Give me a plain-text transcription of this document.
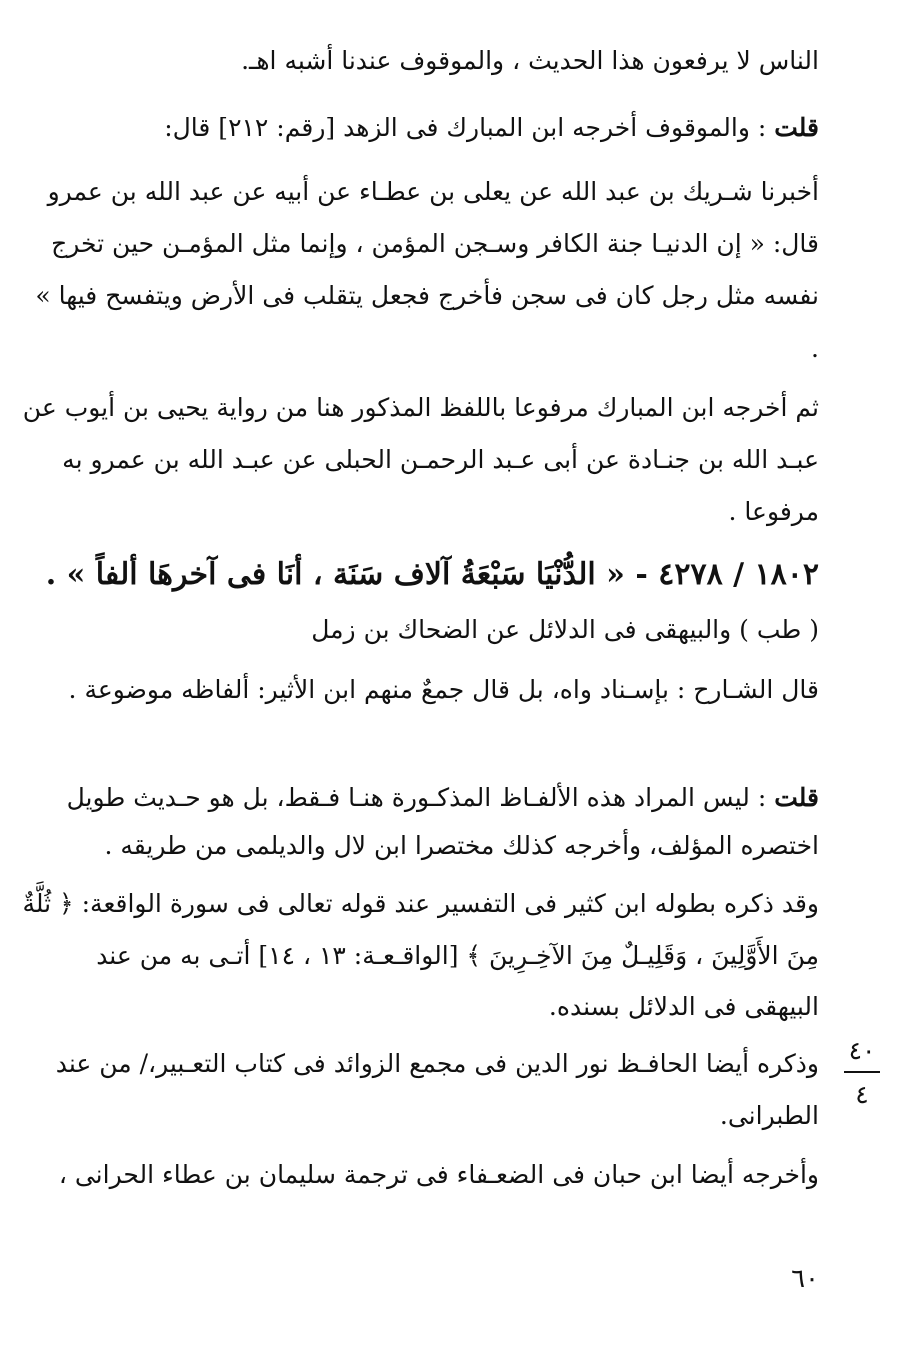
الناس لا يرفعون هذا الحديث ، والموقوف عندنا أشبه اهـ.

قلت : والموقوف أخرجه ابن المبارك فى الزهد [رقم: ٢١٢] قال:

أخبرنا شـريك بن عبد الله عن يعلى بن عطـاء عن أبيه عن عبد الله بن عمرو

قال: « إن الدنيـا جنة الكافر وسـجن المؤمن ، وإنما مثل المؤمـن حين تخرج

نفسه مثل رجل كان فى سجن فأخرج فجعل يتقلب فى الأرض ويتفسح فيها »

.

ثم أخرجه ابن المبارك مرفوعا باللفظ المذكور هنا من رواية يحيى بن أيوب عن

عبـد الله بن جنـادة عن أبى عـبد الرحمـن الحبلى عن عبـد الله بن عمرو به

مرفوعا .

١٨٠٢ / ٤٢٧٨ - « الدُّنْيَا سَبْعَةُ آلاف سَنَة ، أنَا فى آخرهَا ألفاً » .

( طب ) والبيهقى فى الدلائل عن الضحاك بن زمل

قال الشـارح : بإسـناد واه، بل قال جمعٌ منهم ابن الأثير: ألفاظه موضوعة .

قلت : ليس المراد هذه الألفـاظ المذكـورة هنـا فـقط، بل هو حـديث طويل

اختصره المؤلف، وأخرجه كذلك مختصرا ابن لال والديلمى من طريقه .

وقد ذكره بطوله ابن كثير فى التفسير عند قوله تعالى فى سورة الواقعة: ﴿ ثُلَّةٌ

مِنَ الأَوَّلِينَ ، وَقَلِيـلٌ مِنَ الآخِـرِينَ ﴾ [الواقـعـة: ١٣ ، ١٤] أتـى به من عند

البيهقى فى الدلائل بسنده.

وذكره أيضا الحافـظ نور الدين فى مجمع الزوائد فى كتاب التعـبير،/ من عند

الطبرانى.

وأخرجه أيضا ابن حبان فى الضعـفاء فى ترجمة سليمان بن عطاء الحرانى ،

٤٠
٤
٦٠
